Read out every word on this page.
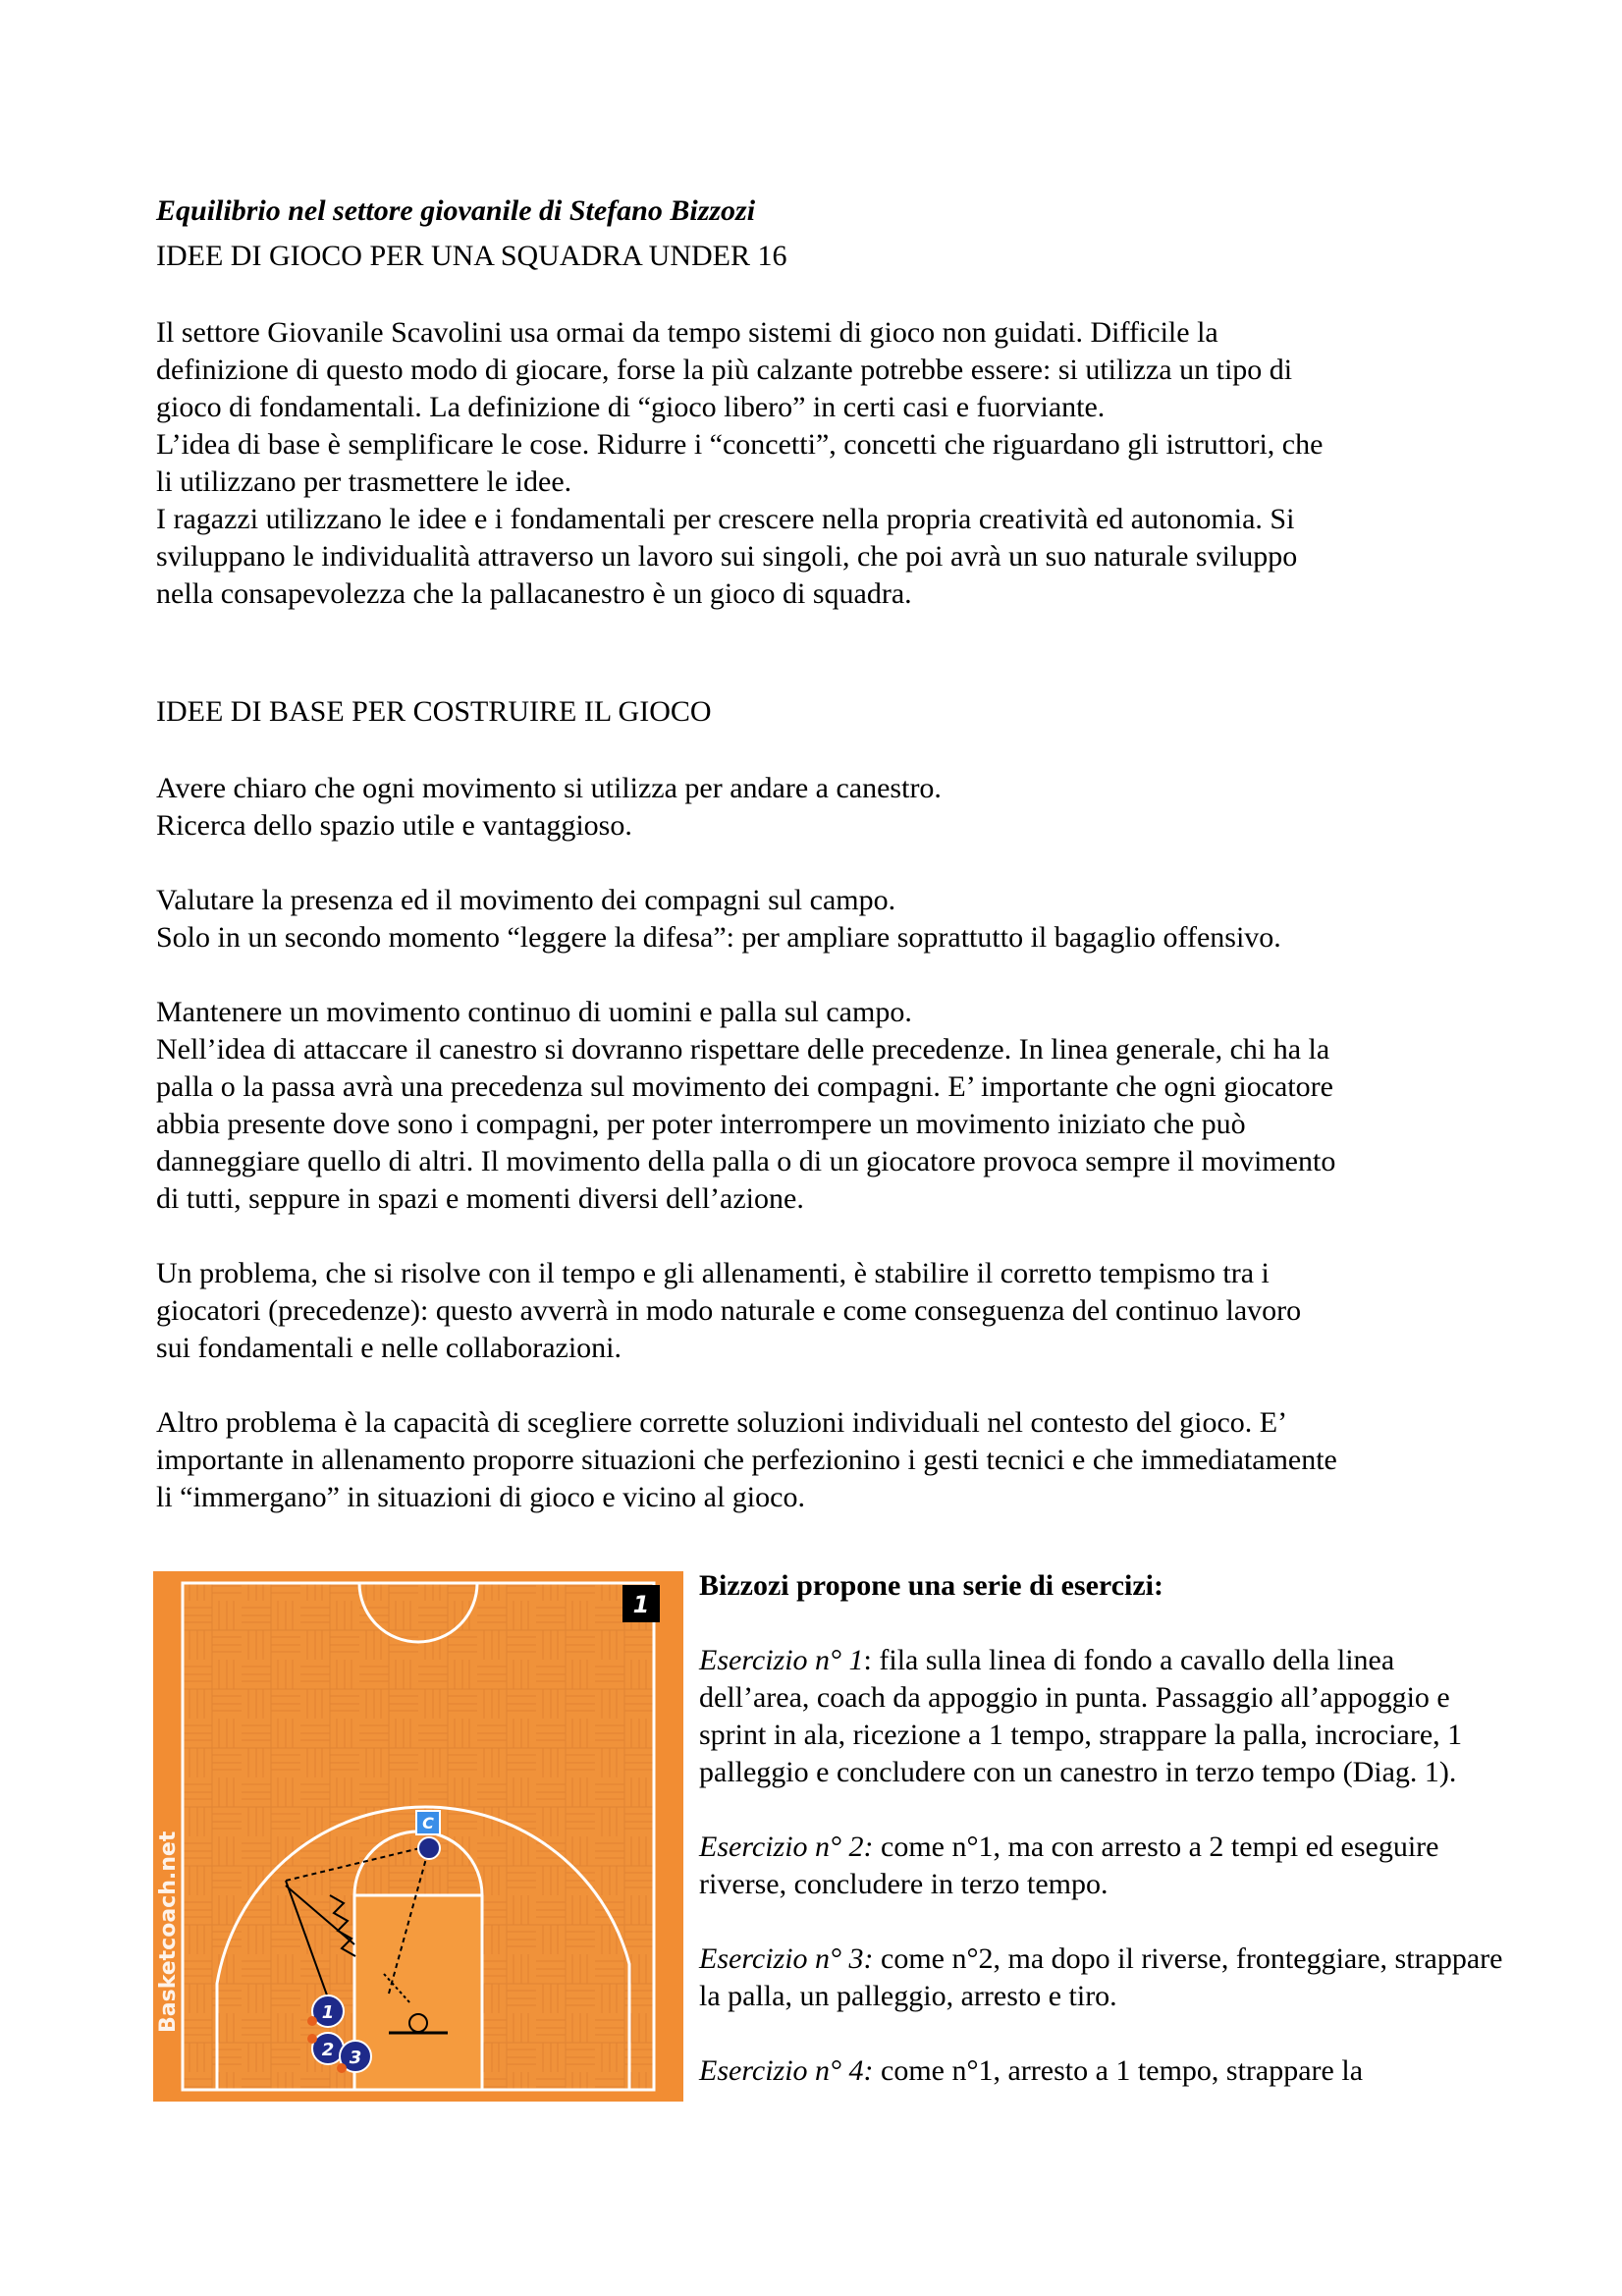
Equilibrio nel settore giovanile di Stefano Bizzozi
IDEE DI GIOCO PER UNA SQUADRA UNDER 16
Il settore Giovanile Scavolini usa ormai da tempo sistemi di gioco non guidati. Difficile la
definizione di questo modo di giocare, forse la più calzante potrebbe essere: si utilizza un tipo di
gioco di fondamentali. La definizione di “gioco libero” in certi casi e fuorviante.
L’idea di base è semplificare le cose. Ridurre i “concetti”, concetti che riguardano gli istruttori, che
li utilizzano per trasmettere le idee.
I ragazzi utilizzano le idee e i fondamentali per crescere nella propria creatività ed autonomia. Si
sviluppano le individualità attraverso un lavoro sui singoli, che poi avrà un suo naturale sviluppo
nella consapevolezza che la pallacanestro è un gioco di squadra.
IDEE DI BASE PER COSTRUIRE IL GIOCO
Avere chiaro che ogni movimento si utilizza per andare a canestro.
Ricerca dello spazio utile e vantaggioso.
Valutare la presenza ed il movimento dei compagni sul campo.
Solo in un secondo momento “leggere la difesa”: per ampliare soprattutto il bagaglio offensivo.
Mantenere un movimento continuo di uomini e palla sul campo.
Nell’idea di attaccare il canestro si dovranno rispettare delle precedenze. In linea generale, chi ha la
palla o la passa avrà una precedenza sul movimento dei compagni. E’ importante che ogni giocatore
abbia presente dove sono i compagni, per poter interrompere un movimento iniziato che può
danneggiare quello di altri. Il movimento della palla o di un giocatore provoca sempre il movimento
di tutti, seppure in spazi e momenti diversi dell’azione.
Un problema, che si risolve con il tempo e gli allenamenti, è stabilire il corretto tempismo tra i
giocatori (precedenze): questo avverrà in modo naturale e come conseguenza del continuo lavoro
sui fondamentali e nelle collaborazioni.
Altro problema è la capacità di scegliere corrette soluzioni individuali nel contesto del gioco. E’
importante in allenamento proporre situazioni che perfezionino i gesti tecnici e che immediatamente
li “immergano” in situazioni di gioco e vicino al gioco.
C
1
2 3
Basketcoach.net
1

Bizzozi propone una serie di esercizi:

Esercizio n° 1: fila sulla linea di fondo a cavallo della linea dell’area, coach da appoggio in punta. Passaggio all’appoggio e sprint in ala, ricezione a 1 tempo, strappare la palla, incrociare, 1 palleggio e concludere con un canestro in terzo tempo (Diag. 1).

Esercizio n° 2: come n°1, ma con arresto a 2 tempi ed eseguire riverse, concludere in terzo tempo.

Esercizio n° 3: come n°2, ma dopo il riverse, fronteggiare, strappare la palla, un palleggio, arresto e tiro.

Esercizio n° 4: come n°1, arresto a 1 tempo, strappare la
